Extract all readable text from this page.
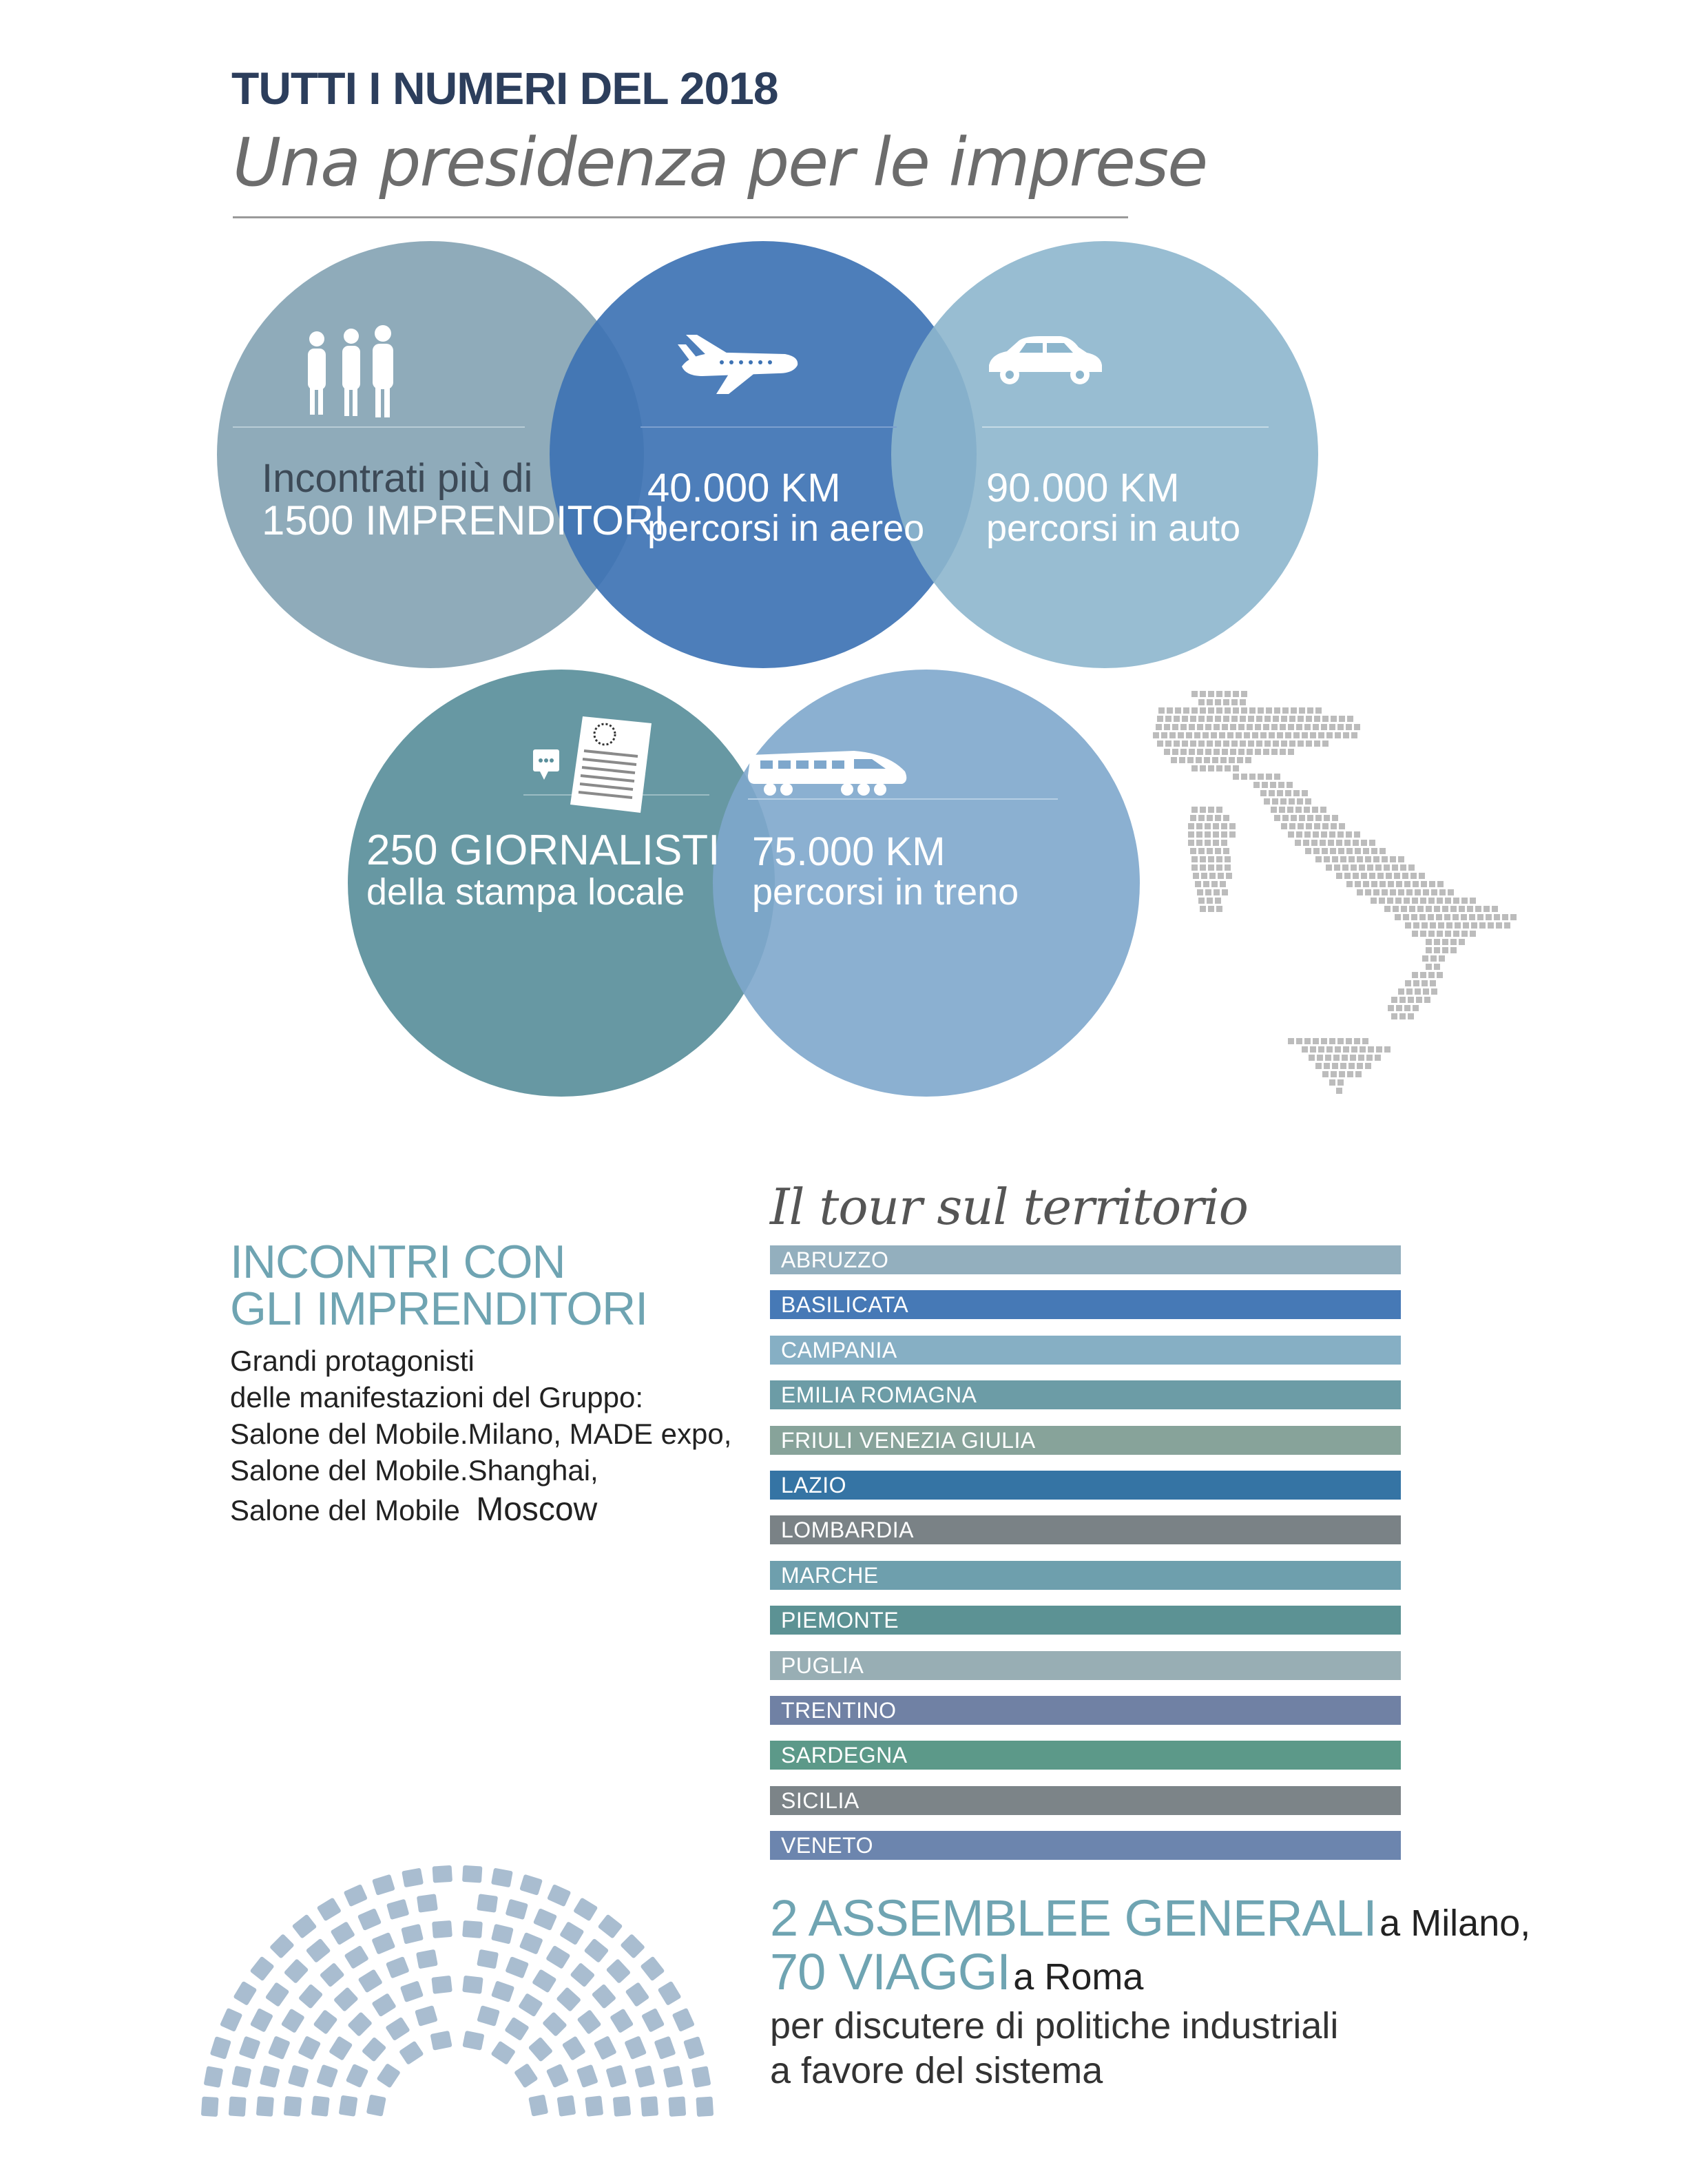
TUTTI I NUMERI DEL 2018
Una presidenza per le imprese
Incontrati più di
1500 IMPRENDITORI
40.000 KM
percorsi in aereo
90.000 KM
percorsi in auto
250 GIORNALISTI
della stampa locale
75.000 KM
percorsi in treno
INCONTRI CON
GLI IMPRENDITORI

Grandi protagonisti
delle manifestazioni del Gruppo:
Salone del Mobile.Milano, MADE expo,
Salone del Mobile.Shanghai,
Salone del Mobile Moscow

Il tour sul territorio
ABRUZZO
BASILICATA
CAMPANIA
EMILIA ROMAGNA
FRIULI VENEZIA GIULIA
LAZIO
LOMBARDIA
MARCHE
PIEMONTE
PUGLIA
TRENTINO
SARDEGNA
SICILIA
VENETO
2 ASSEMBLEE GENERALI a Milano,
70 VIAGGI a Roma
per discutere di politiche industriali
a favore del sistema
